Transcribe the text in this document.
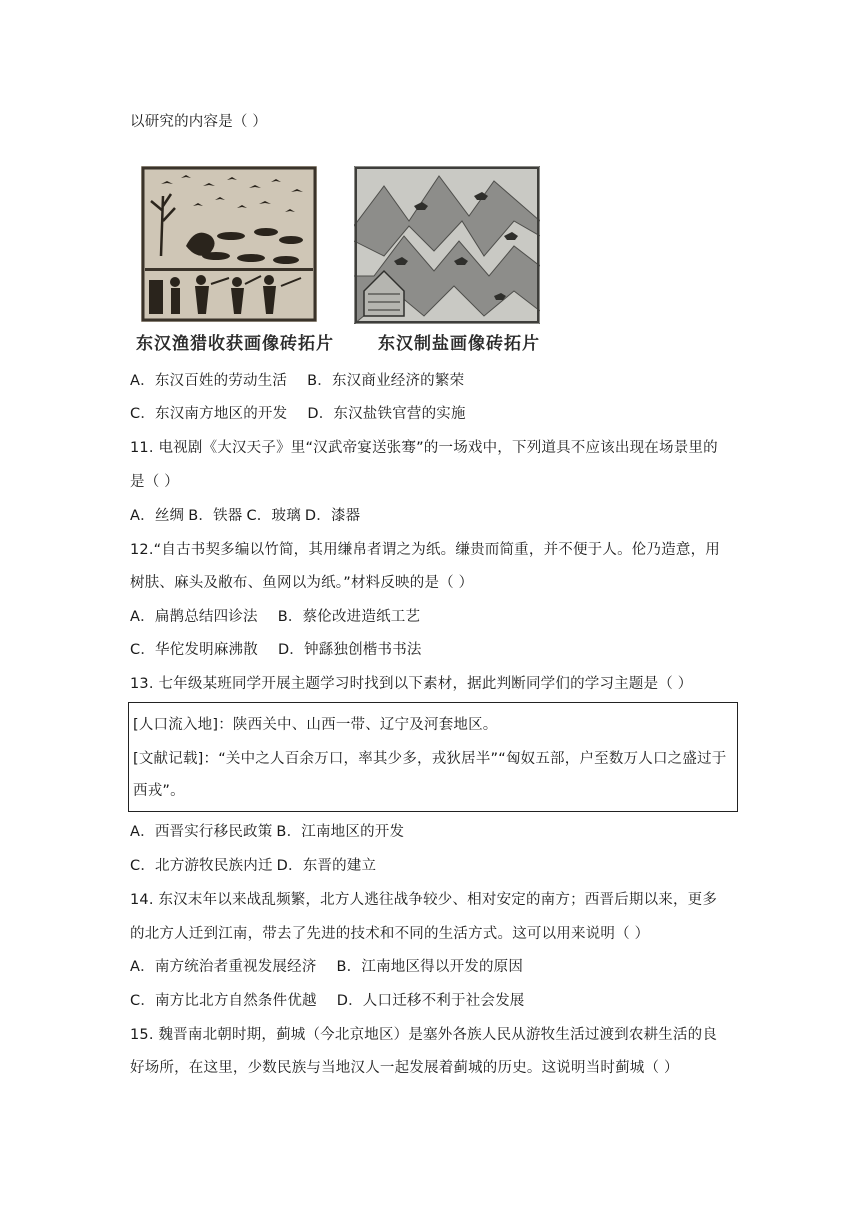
以研究的内容是（ ）
东汉渔猎收获画像砖拓片	东汉制盐画像砖拓片
A．东汉百姓的劳动生活 B．东汉商业经济的繁荣
C．东汉南方地区的开发 D．东汉盐铁官营的实施
11. 电视剧《大汉天子》里“汉武帝宴送张骞”的一场戏中，下列道具不应该出现在场景里的
是（ ）
A．丝绸 B．铁器 C．玻璃 D．漆器
12.“自古书契多编以竹简，其用缣帛者谓之为纸。缣贵而简重，并不便于人。伦乃造意，用
树肤、麻头及敝布、鱼网以为纸。”材料反映的是（ ）
A．扁鹊总结四诊法 B．蔡伦改进造纸工艺
C．华佗发明麻沸散 D．钟繇独创楷书书法
13. 七年级某班同学开展主题学习时找到以下素材，据此判断同学们的学习主题是（ ）
[人口流入地]：陕西关中、山西一带、辽宁及河套地区。
[文献记载]：“关中之人百余万口，率其少多，戎狄居半”“匈奴五部，户至数万人口之盛过于
西戎”。
A．西晋实行移民政策 B．江南地区的开发
C．北方游牧民族内迁 D．东晋的建立
14. 东汉末年以来战乱频繁，北方人逃往战争较少、相对安定的南方；西晋后期以来，更多
的北方人迁到江南，带去了先进的技术和不同的生活方式。这可以用来说明（ ）
A．南方统治者重视发展经济 B．江南地区得以开发的原因
C．南方比北方自然条件优越 D．人口迁移不利于社会发展
15. 魏晋南北朝时期，蓟城（今北京地区）是塞外各族人民从游牧生活过渡到农耕生活的良
好场所，在这里，少数民族与当地汉人一起发展着蓟城的历史。这说明当时蓟城（ ）
